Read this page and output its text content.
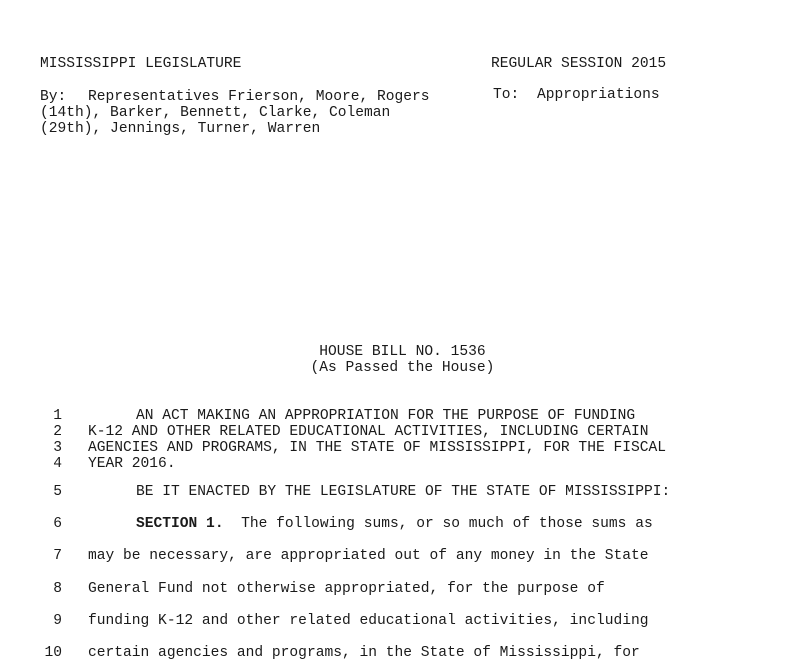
MISSISSIPPI LEGISLATURE	REGULAR SESSION 2015
By: Representatives Frierson, Moore, Rogers
(14th), Barker, Bennett, Clarke, Coleman
(29th), Jennings, Turner, Warren
To: Appropriations
HOUSE BILL NO. 1536
(As Passed the House)
1	AN ACT MAKING AN APPROPRIATION FOR THE PURPOSE OF FUNDING
2 K-12 AND OTHER RELATED EDUCATIONAL ACTIVITIES, INCLUDING CERTAIN
3 AGENCIES AND PROGRAMS, IN THE STATE OF MISSISSIPPI, FOR THE FISCAL
4 YEAR 2016.
5	BE IT ENACTED BY THE LEGISLATURE OF THE STATE OF MISSISSIPPI:
6	SECTION 1. The following sums, or so much of those sums as
7 may be necessary, are appropriated out of any money in the State
8 General Fund not otherwise appropriated, for the purpose of
9 funding K-12 and other related educational activities, including
10 certain agencies and programs, in the State of Mississippi, for
